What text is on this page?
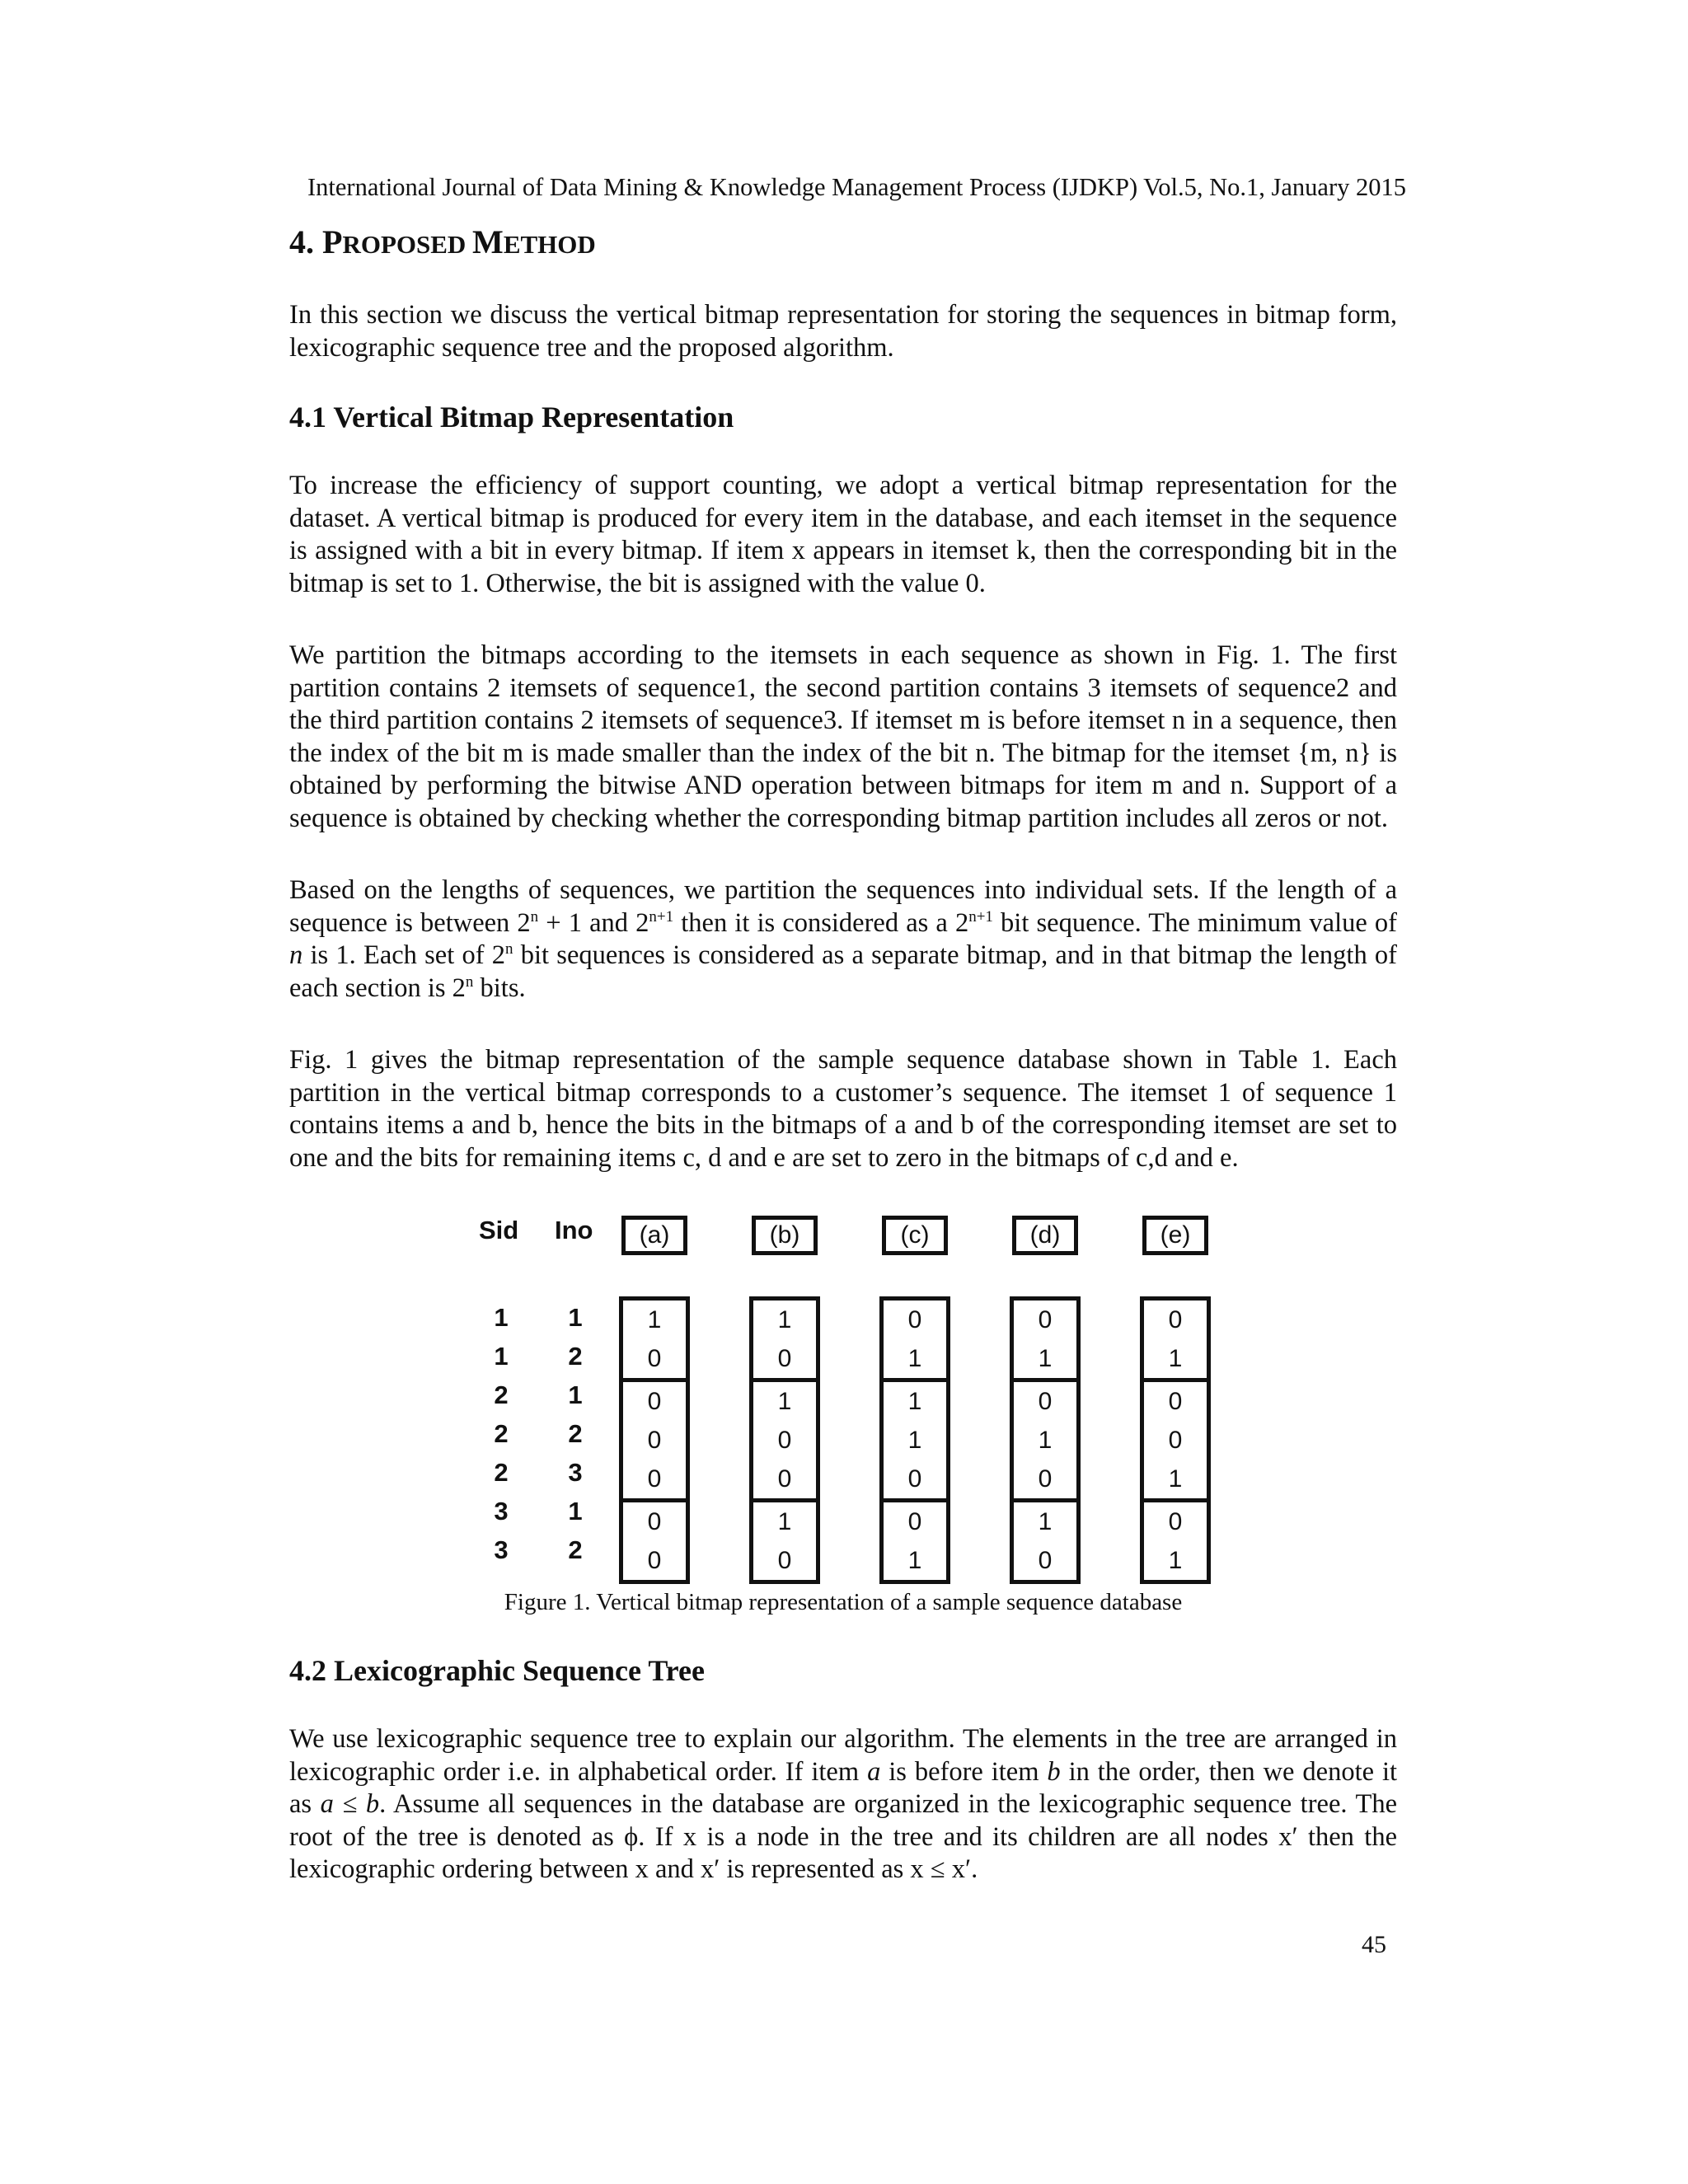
International Journal of Data Mining & Knowledge Management Process (IJDKP) Vol.5, No.1, January 2015
4. PROPOSED METHOD

In this section we discuss the vertical bitmap representation for storing the sequences in bitmap form, lexicographic sequence tree and the proposed algorithm.

4.1 Vertical Bitmap Representation

To increase the efficiency of support counting, we adopt a vertical bitmap representation for the dataset. A vertical bitmap is produced for every item in the database, and each itemset in the sequence is assigned with a bit in every bitmap. If item x appears in itemset k, then the corresponding bit in the bitmap is set to 1. Otherwise, the bit is assigned with the value 0.

We partition the bitmaps according to the itemsets in each sequence as shown in Fig. 1. The first partition contains 2 itemsets of sequence1, the second partition contains 3 itemsets of sequence2 and the third partition contains 2 itemsets of sequence3. If itemset m is before itemset n in a sequence, then the index of the bit m is made smaller than the index of the bit n. The bitmap for the itemset {m, n} is obtained by performing the bitwise AND operation between bitmaps for item m and n. Support of a sequence is obtained by checking whether the corresponding bitmap partition includes all zeros or not.

Based on the lengths of sequences, we partition the sequences into individual sets. If the length of a sequence is between $2^n + 1$ and $2^{n+1}$ then it is considered as a $2^{n+1}$ bit sequence. The minimum value of n is 1. Each set of 2$^n$ bit sequences is considered as a separate bitmap, and in that bitmap the length of each section is 2$^n$ bits.

Fig. 1 gives the bitmap representation of the sample sequence database shown in Table 1. Each partition in the vertical bitmap corresponds to a customer’s sequence. The itemset 1 of sequence 1 contains items a and b, hence the bits in the bitmaps of a and b of the corresponding itemset are set to one and the bits for remaining items c, d and e are set to zero in the bitmaps of c,d and e.

Sid Ino
1
1
2
2
2
3
3
1
2
1
2
3
1
2
(a)
1
0
0
0
0
0
0
(b)
1
0
1
0
0
1
0
(c)
0
1
1
1
0
0
1
(d)
0
1
0
1
0
1
0
(e)
0
1
0
0
1
0
1

Figure 1. Vertical bitmap representation of a sample sequence database

4.2 Lexicographic Sequence Tree

We use lexicographic sequence tree to explain our algorithm. The elements in the tree are arranged in lexicographic order i.e. in alphabetical order. If item a is before item b in the order, then we denote it as a ≤ b. Assume all sequences in the database are organized in the lexicographic sequence tree. The root of the tree is denoted as ϕ. If x is a node in the tree and its children are all nodes x′ then the lexicographic ordering between x and x′ is represented as x ≤ x′.

45
